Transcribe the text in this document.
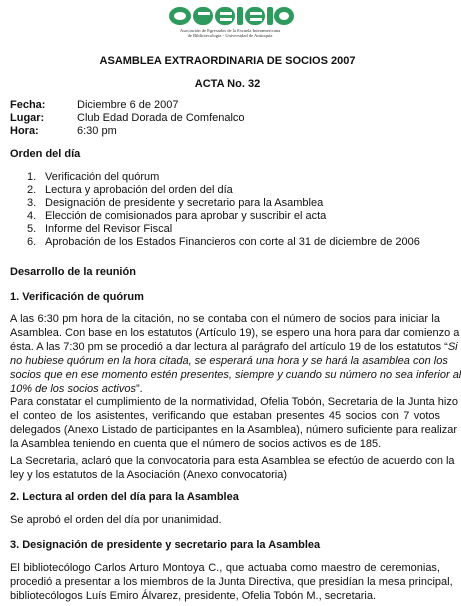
Asociación de Egresados de la Escuela Interamericana
de Bibliotecología - Universidad de Antioquia
ASAMBLEA EXTRAORDINARIA DE SOCIOS 2007
ACTA No. 32
Fecha:	Diciembre 6 de 2007
Lugar:	Club Edad Dorada de Comfenalco
Hora:	6:30 pm
Orden del día
1. Verificación del quórum
2. Lectura y aprobación del orden del día
3. Designación de presidente y secretario para la Asamblea
4. Elección de comisionados para aprobar y suscribir el acta
5. Informe del Revisor Fiscal
6. Aprobación de los Estados Financieros con corte al 31 de diciembre de 2006
Desarrollo de la reunión
1. Verificación de quórum
A las 6:30 pm hora de la citación, no se contaba con el número de socios para iniciar la
Asamblea. Con base en los estatutos (Artículo 19), se espero una hora para dar comienzo a
ésta. A las 7:30 pm se procedió a dar lectura al parágrafo del artículo 19 de los estatutos “Si
no hubiese quórum en la hora citada, se esperará una hora y se hará la asamblea con los
socios que en ese momento estén presentes, siempre y cuando su número no sea inferior al
10% de los socios activos”.
Para constatar el cumplimiento de la normatividad, Ofelia Tobón, Secretaria de la Junta hizo
el conteo de los asistentes, verificando que estaban presentes 45 socios con 7 votos
delegados (Anexo Listado de participantes en la Asamblea), número suficiente para realizar
la Asamblea teniendo en cuenta que el número de socios activos es de 185.
La Secretaria, aclaró que la convocatoria para esta Asamblea se efectúo de acuerdo con la
ley y los estatutos de la Asociación (Anexo convocatoria)
2. Lectura al orden del día para la Asamblea
Se aprobó el orden del día por unanimidad.
3. Designación de presidente y secretario para la Asamblea
El bibliotecólogo Carlos Arturo Montoya C., que actuaba como maestro de ceremonias,
procedió a presentar a los miembros de la Junta Directiva, que presidían la mesa principal,
bibliotecólogos Luís Emiro Álvarez, presidente, Ofelia Tobón M., secretaria.
